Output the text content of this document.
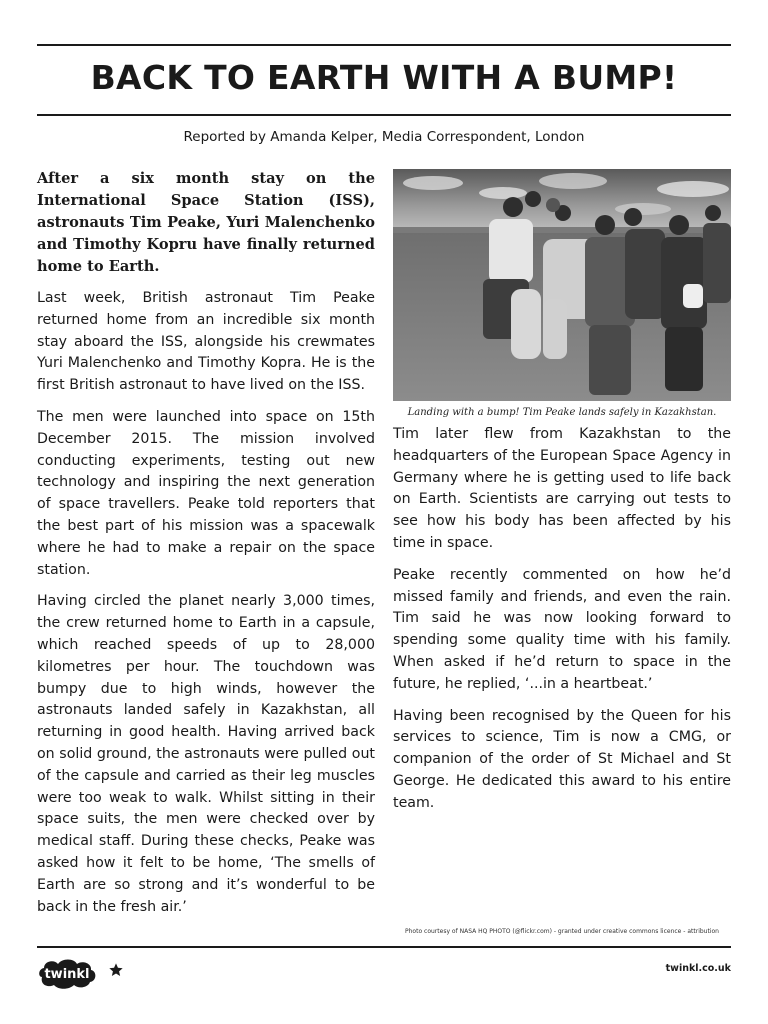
BACK TO EARTH WITH A BUMP!
Reported by Amanda Kelper, Media Correspondent, London

After a six month stay on the International Space Station (ISS), astronauts Tim Peake, Yuri Malenchenko and Timothy Kopru have finally returned home to Earth.

Last week, British astronaut Tim Peake returned home from an incredible six month stay aboard the ISS, alongside his crewmates Yuri Malenchenko and Timothy Kopra. He is the first British astronaut to have lived on the ISS.

The men were launched into space on 15th December 2015. The mission involved conducting experiments, testing out new technology and inspiring the next generation of space travellers. Peake told reporters that the best part of his mission was a spacewalk where he had to make a repair on the space station.

Having circled the planet nearly 3,000 times, the crew returned home to Earth in a capsule, which reached speeds of up to 28,000 kilometres per hour. The touchdown was bumpy due to high winds, however the astronauts landed safely in Kazakhstan, all returning in good health. Having arrived back on solid ground, the astronauts were pulled out of the capsule and carried as their leg muscles were too weak to walk. Whilst sitting in their space suits, the men were checked over by medical staff. During these checks, Peake was asked how it felt to be home, ‘The smells of Earth are so strong and it’s wonderful to be back in the fresh air.’

Landing with a bump! Tim Peake lands safely in Kazakhstan.

Tim later flew from Kazakhstan to the headquarters of the European Space Agency in Germany where he is getting used to life back on Earth. Scientists are carrying out tests to see how his body has been affected by his time in space.

Peake recently commented on how he’d missed family and friends, and even the rain. Tim said he was now looking forward to spending some quality time with his family. When asked if he’d return to space in the future, he replied, ‘...in a heartbeat.’

Having been recognised by the Queen for his services to science, Tim is now a CMG, or companion of the order of St Michael and St George. He dedicated this award to his entire team.

Photo courtesy of NASA HQ PHOTO (@flickr.com) - granted under creative commons licence - attribution
twinkl	twinkl.co.uk
